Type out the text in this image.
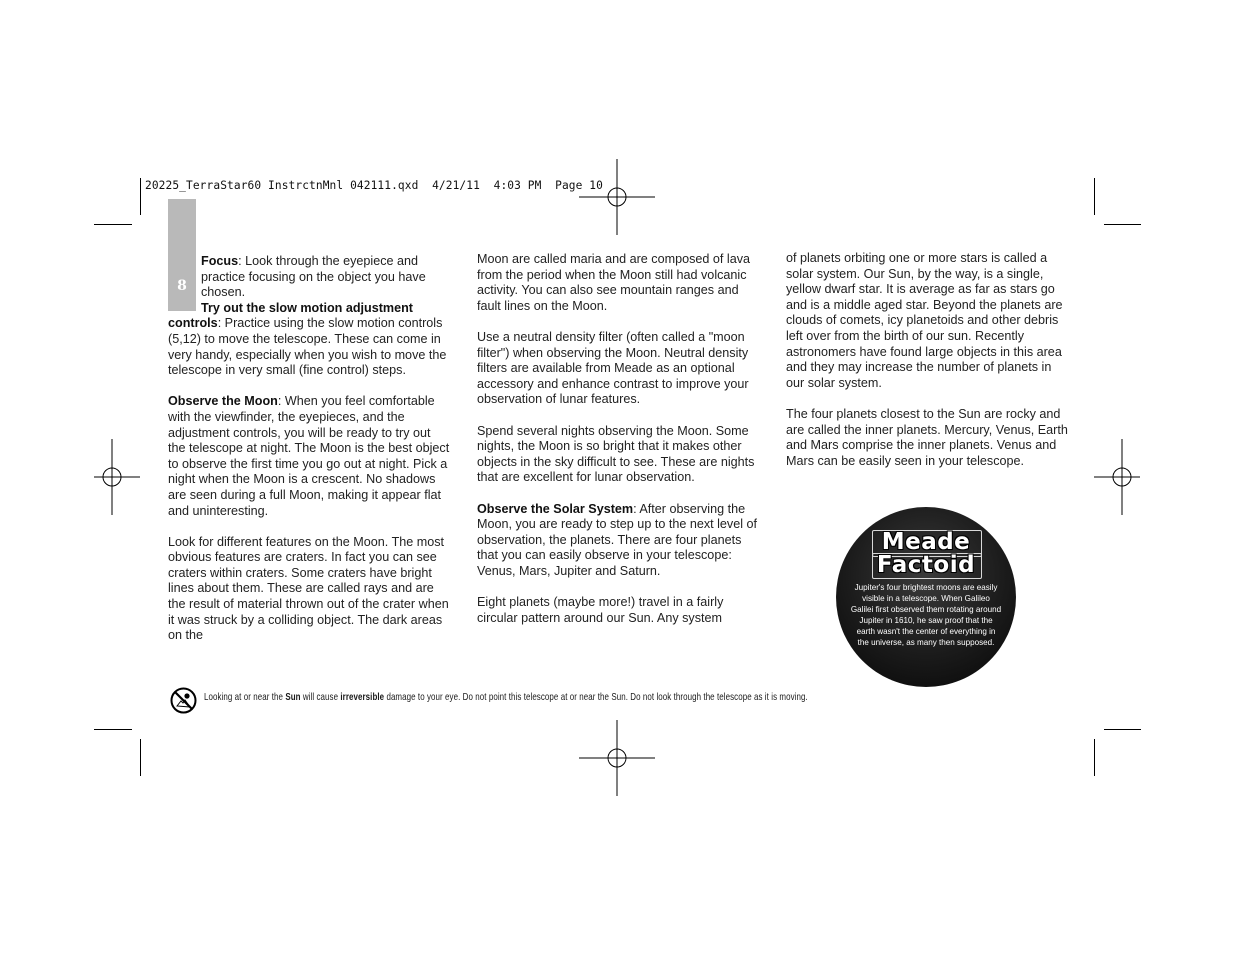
20225_TerraStar60 InstrctnMnl 042111.qxd  4/21/11  4:03 PM  Page 10
8

Focus: Look through the eyepiece and practice focusing on the object you have chosen.

Try out the slow motion adjustment

controls: Practice using the slow motion controls (5,12) to move the telescope. These can come in very handy, especially when you wish to move the telescope in very small (fine control) steps.

Observe the Moon: When you feel comfortable with the viewfinder, the eyepieces, and the adjustment controls, you will be ready to try out the telescope at night. The Moon is the best object to observe the first time you go out at night. Pick a night when the Moon is a crescent. No shadows are seen during a full Moon, making it appear flat and uninteresting.

Look for different features on the Moon. The most obvious features are craters. In fact you can see craters within craters. Some craters have bright lines about them. These are called rays and are the result of material thrown out of the crater when it was struck by a colliding object. The dark areas on the

Moon are called maria and are composed of lava from the period when the Moon still had volcanic activity. You can also see mountain ranges and fault lines on the Moon.

Use a neutral density filter (often called a "moon filter") when observing the Moon. Neutral density filters are available from Meade as an optional accessory and enhance contrast to improve your observation of lunar features.

Spend several nights observing the Moon. Some nights, the Moon is so bright that it makes other objects in the sky difficult to see. These are nights that are excellent for lunar observation.

Observe the Solar System: After observing the Moon, you are ready to step up to the next level of observation, the planets. There are four planets that you can easily observe in your telescope: Venus, Mars, Jupiter and Saturn.

Eight planets (maybe more!) travel in a fairly circular pattern around our Sun. Any system

of planets orbiting one or more stars is called a solar system. Our Sun, by the way, is a single, yellow dwarf star. It is average as far as stars go and is a middle aged star. Beyond the planets are clouds of comets, icy planetoids and other debris left over from the birth of our sun. Recently astronomers have found large objects in this area and they may increase the number of planets in our solar system.

The four planets closest to the Sun are rocky and are called the inner planets. Mercury, Venus, Earth and Mars comprise the inner planets. Venus and Mars can be easily seen in your telescope.

Meade
Factoid
Jupiter's four brightest moons are easily visible in a telescope. When Galileo Galilei first observed them rotating around Jupiter in 1610, he saw proof that the earth wasn't the center of everything in the universe, as many then supposed.
Looking at or near the Sun will cause irreversible damage to your eye. Do not point this telescope at or near the Sun. Do not look through the telescope as it is moving.
